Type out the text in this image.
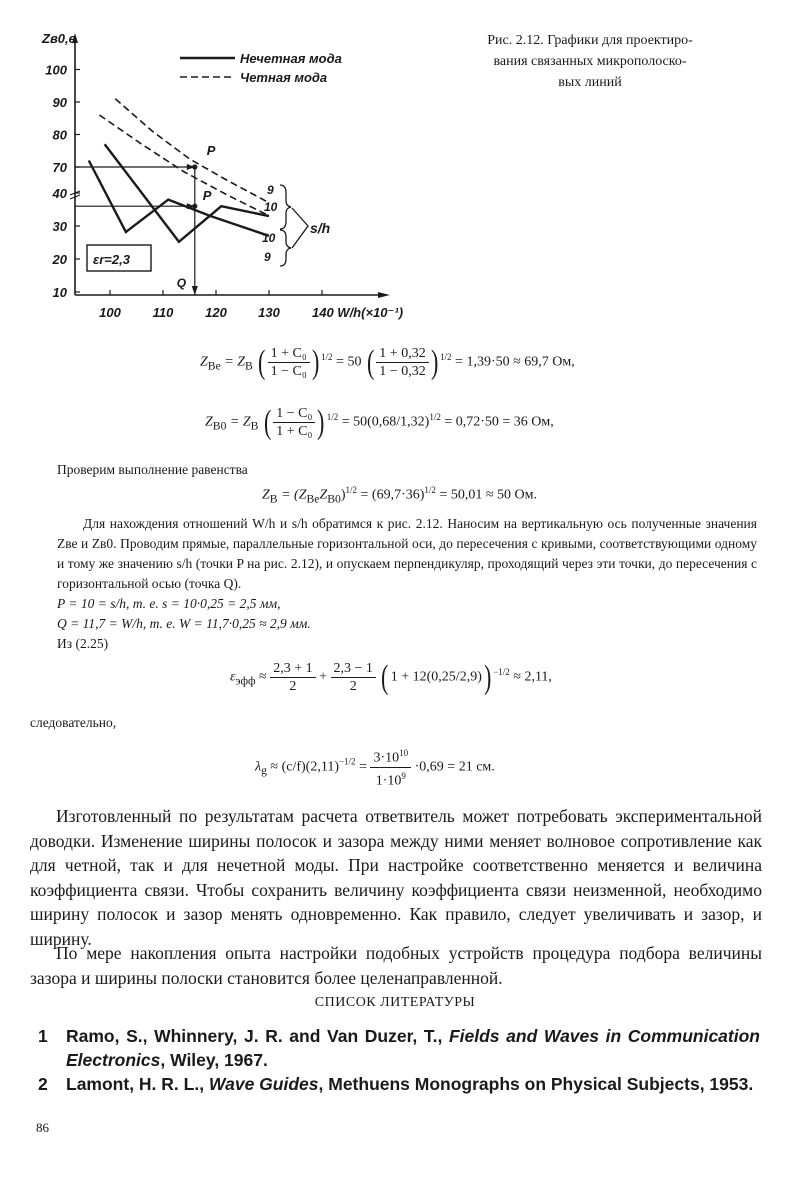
10
20
30
40
70
80
90
100
Zв0,е
100 110 120 130 140 W/h(×10⁻¹)
Нечетная мода
Четная мода
P
P
Q
εr=2,3
9
10
10
9
s/h
Рис. 2.12. Графики для проектиро-
вания связанных микрополоско-
вых линий
$Z_{Bе} = Z_B$ ( $\frac{\text{1 + C₀}}{\text{1 − C₀}}$ ) $^{1/2}$ = 50 ( $\frac{1 + 0,32}{1 - 0,32}$ ) $^{1/2}$ = 1,39·50 ≈ 69,7 Ом,
$Z_{B0} = Z_B$ ( $\frac{\text{1 − C₀}}{\text{1 + C₀}}$ ) $^{1/2} = 50(0,68/1,32)^{1/2} = 0,72\cdot 50 = 36$ Ом,
Проверим выполнение равенства
$Z_B = (Z_{Bе}Z_{B0})^{1/2} = (69,7\cdot 36)^{1/2} = 50,01 \approx 50$ Ом.
Для нахождения отношений W/h и s/h обратимся к рис. 2.12. Наносим на вертикальную ось полученные значения Zве и Zв0. Проводим прямые, параллельные горизонтальной оси, до пересечения с кривыми, соответствующими одному и тому же значению s/h (точки P на рис. 2.12), и опускаем перпендикуляр, проходящий через эти точки, до пересечения с горизонтальной осью (точка Q).
P = 10 = s/h, т. е. s = 10·0,25 = 2,5 мм,
Q = 11,7 = W/h, т. е. W = 11,7·0,25 ≈ 2,9 мм.
Из (2.25)
$\varepsilon_{эфф} \approx \frac{2,3 + 1}{2} + \frac{2,3 - 1}{2}$ ( 1 + 12(0,25/2,9)) $^{-1/2}$ ≈ 2,11,
следовательно,
$\lambda_g \approx (c/f)(2,11)^{-1/2} = \frac{3\cdot 10^{10}}{1\cdot 10^9} \cdot 0,69 = 21$ см.
Изготовленный по результатам расчета ответвитель может потребовать экспериментальной доводки. Изменение ширины полосок и зазора между ними меняет волновое сопротивление как для четной, так и для нечетной моды. При настройке соответственно меняется и величина коэффициента связи. Чтобы сохранить величину коэффициента связи неизменной, необходимо ширину полосок и зазор менять одновременно. Как правило, следует увеличивать и зазор, и ширину.
По мере накопления опыта настройки подобных устройств процедура подбора величины зазора и ширины полоски становится более целенаправленной.
СПИСОК ЛИТЕРАТУРЫ
1 Ramo, S., Whinnery, J. R. and Van Duzer, T., Fields and Waves in Communication Electronics, Wiley, 1967.
2 Lamont, H. R. L., Wave Guides, Methuens Monographs on Physical Subjects, 1953.
86
